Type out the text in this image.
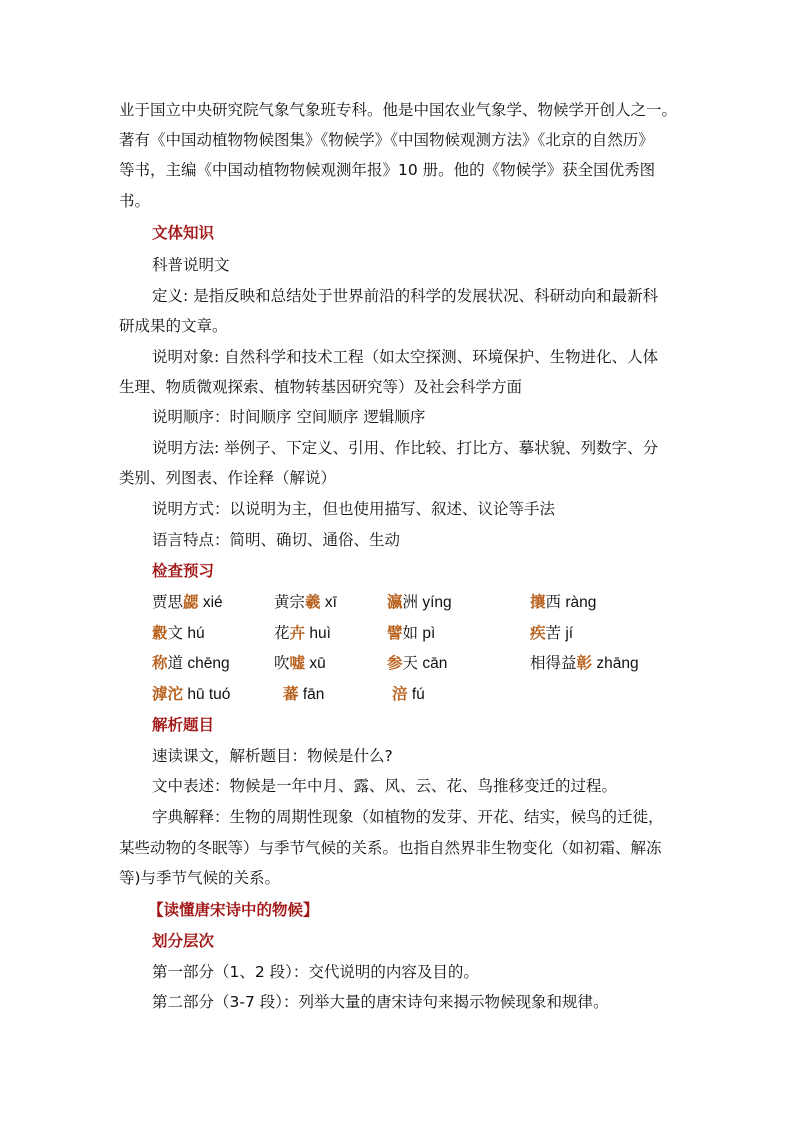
业于国立中央研究院气象气象班专科。他是中国农业气象学、物候学开创人之一。
著有《中国动植物物候图集》《物候学》《中国物候观测方法》《北京的自然历》
等书，主编《中国动植物物候观测年报》10 册。他的《物候学》获全国优秀图
书。
文体知识
科普说明文
定义: 是指反映和总结处于世界前沿的科学的发展状况、科研动向和最新科
研成果的文章。
说明对象: 自然科学和技术工程（如太空探测、环境保护、生物进化、人体
生理、物质微观探索、植物转基因研究等）及社会科学方面
说明顺序：时间顺序 空间顺序 逻辑顺序
说明方法: 举例子、下定义、引用、作比较、打比方、摹状貌、列数字、分
类别、列图表、作诠释（解说）
说明方式：以说明为主，但也使用描写、叙述、议论等手法
语言特点：简明、确切、通俗、生动
检查预习
贾思勰 xié	黄宗羲 xī	瀛洲 yíng	攘西 ràng
縠文 hú	花卉 huì	譬如 pì	疾苦 jí
称道 chēng	吹嘘 xū	参天 cān	相得益彰 zhāng
滹沱 hū tuó	蕃 fān	涪 fú
解析题目
速读课文，解析题目：物候是什么?
文中表述：物候是一年中月、露、风、云、花、鸟推移变迁的过程。
字典解释：生物的周期性现象（如植物的发芽、开花、结实，候鸟的迁徙，
某些动物的冬眠等）与季节气候的关系。也指自然界非生物变化（如初霜、解冻
等)与季节气候的关系。
【读懂唐宋诗中的物候】
划分层次
第一部分（1、2 段）：交代说明的内容及目的。
第二部分（3-7 段）：列举大量的唐宋诗句来揭示物候现象和规律。
